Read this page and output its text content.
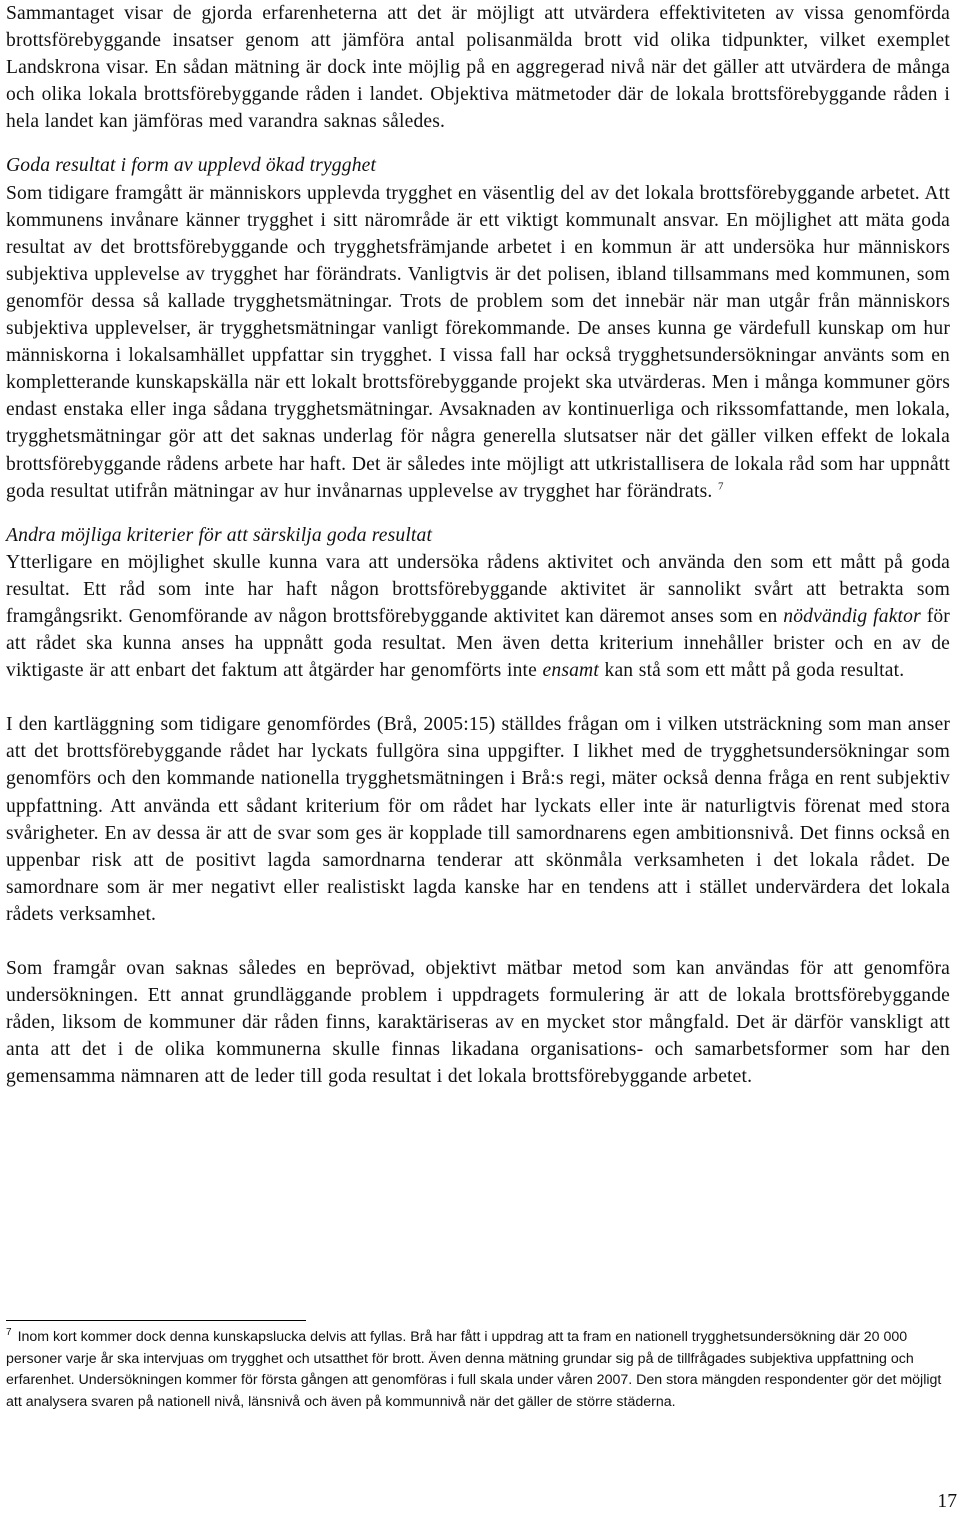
Sammantaget visar de gjorda erfarenheterna att det är möjligt att utvärdera effektiviteten av vissa genomförda brottsförebyggande insatser genom att jämföra antal polisanmälda brott vid olika tidpunkter, vilket exemplet Landskrona visar. En sådan mätning är dock inte möjlig på en aggregerad nivå när det gäller att utvärdera de många och olika lokala brottsförebyggande råden i landet. Objektiva mätmetoder där de lokala brottsförebyggande råden i hela landet kan jämföras med varandra saknas således.

Goda resultat i form av upplevd ökad trygghet

Som tidigare framgått är människors upplevda trygghet en väsentlig del av det lokala brottsförebyggande arbetet. Att kommunens invånare känner trygghet i sitt närområde är ett viktigt kommunalt ansvar. En möjlighet att mäta goda resultat av det brottsförebyggande och trygghetsfrämjande arbetet i en kommun är att undersöka hur människors subjektiva upplevelse av trygghet har förändrats. Vanligtvis är det polisen, ibland tillsammans med kommunen, som genomför dessa så kallade trygghetsmätningar. Trots de problem som det innebär när man utgår från människors subjektiva upplevelser, är trygghetsmätningar vanligt förekommande. De anses kunna ge värdefull kunskap om hur människorna i lokalsamhället uppfattar sin trygghet. I vissa fall har också trygghetsundersökningar använts som en kompletterande kunskapskälla när ett lokalt brottsförebyggande projekt ska utvärderas. Men i många kommuner görs endast enstaka eller inga sådana trygghetsmätningar. Avsaknaden av kontinuerliga och rikssomfattande, men lokala, trygghetsmätningar gör att det saknas underlag för några generella slutsatser när det gäller vilken effekt de lokala brottsförebyggande rådens arbete har haft. Det är således inte möjligt att utkristallisera de lokala råd som har uppnått goda resultat utifrån mätningar av hur invånarnas upplevelse av trygghet har förändrats. $^7$

Andra möjliga kriterier för att särskilja goda resultat

Ytterligare en möjlighet skulle kunna vara att undersöka rådens aktivitet och använda den som ett mått på goda resultat. Ett råd som inte har haft någon brottsförebyggande aktivitet är sannolikt svårt att betrakta som framgångsrikt. Genomförande av någon brottsförebyggande aktivitet kan däremot anses som en nödvändig faktor för att rådet ska kunna anses ha uppnått goda resultat. Men även detta kriterium innehåller brister och en av de viktigaste är att enbart det faktum att åtgärder har genomförts inte ensamt kan stå som ett mått på goda resultat.

I den kartläggning som tidigare genomfördes (Brå, 2005:15) ställdes frågan om i vilken utsträckning som man anser att det brottsförebyggande rådet har lyckats fullgöra sina uppgifter. I likhet med de trygghetsundersökningar som genomförs och den kommande nationella trygghetsmätningen i Brå:s regi, mäter också denna fråga en rent subjektiv uppfattning. Att använda ett sådant kriterium för om rådet har lyckats eller inte är naturligtvis förenat med stora svårigheter. En av dessa är att de svar som ges är kopplade till samordnarens egen ambitionsnivå. Det finns också en uppenbar risk att de positivt lagda samordnarna tenderar att skönmåla verksamheten i det lokala rådet. De samordnare som är mer negativt eller realistiskt lagda kanske har en tendens att i stället undervärdera det lokala rådets verksamhet.

Som framgår ovan saknas således en beprövad, objektivt mätbar metod som kan användas för att genomföra undersökningen. Ett annat grundläggande problem i uppdragets formulering är att de lokala brottsförebyggande råden, liksom de kommuner där råden finns, karaktäriseras av en mycket stor mångfald. Det är därför vanskligt att anta att det i de olika kommunerna skulle finnas likadana organisations- och samarbetsformer som har den gemensamma nämnaren att de leder till goda resultat i det lokala brottsförebyggande arbetet.

$^7$ Inom kort kommer dock denna kunskapslucka delvis att fyllas. Brå har fått i uppdrag att ta fram en nationell trygghetsundersökning där 20 000 personer varje år ska intervjuas om trygghet och utsatthet för brott. Även denna mätning grundar sig på de tillfrågades subjektiva uppfattning och erfarenhet. Undersökningen kommer för första gången att genomföras i full skala under våren 2007. Den stora mängden respondenter gör det möjligt att analysera svaren på nationell nivå, länsnivå och även på kommunnivå när det gäller de större städerna.
17
